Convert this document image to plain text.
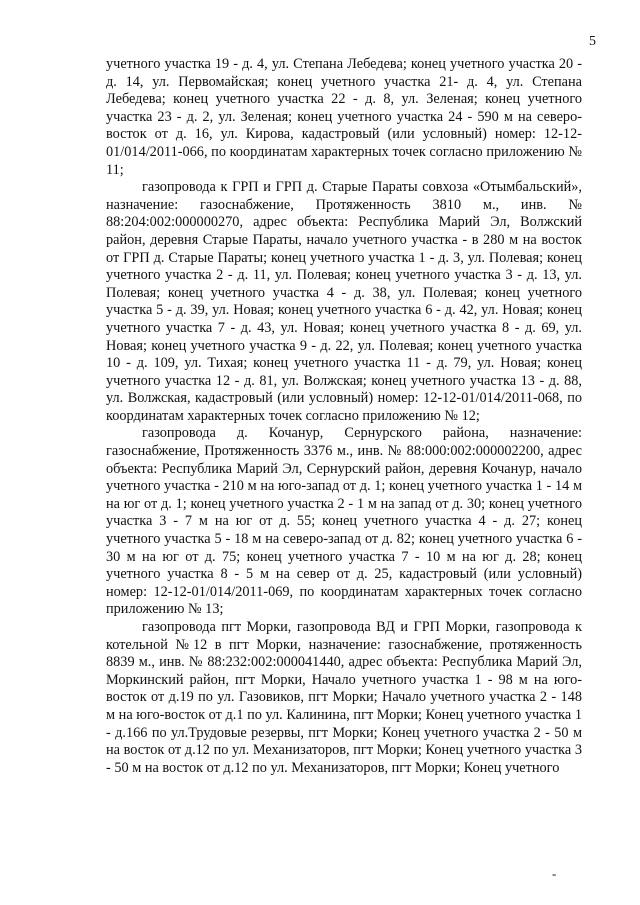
5

учетного участка 19 - д. 4, ул. Степана Лебедева; конец учетного участка 20 - д. 14, ул. Первомайская; конец учетного участка 21- д. 4, ул. Степана Лебедева; конец учетного участка 22 - д. 8, ул. Зеленая; конец учетного участка 23 - д. 2, ул. Зеленая; конец учетного участка 24 - 590 м на северо-восток от д. 16, ул. Кирова, кадастровый (или условный) номер: 12-12-01/014/2011-066, по координатам характерных точек согласно приложению № 11;

газопровода к ГРП и ГРП д. Старые Параты совхоза «Отымбальский», назначение: газоснабжение, Протяженность 3810 м., инв. № 88:204:002:000000270, адрес объекта: Республика Марий Эл, Волжский район, деревня Старые Параты, начало учетного участка - в 280 м на восток от ГРП д. Старые Параты; конец учетного участка 1 - д. 3, ул. Полевая; конец учетного участка 2 - д. 11, ул. Полевая; конец учетного участка 3 - д. 13, ул. Полевая; конец учетного участка 4 - д. 38, ул. Полевая; конец учетного участка 5 - д. 39, ул. Новая; конец учетного участка 6 - д. 42, ул. Новая; конец учетного участка 7 - д. 43, ул. Новая; конец учетного участка 8 - д. 69, ул. Новая; конец учетного участка 9 - д. 22, ул. Полевая; конец учетного участка 10 - д. 109, ул. Тихая; конец учетного участка 11 - д. 79, ул. Новая; конец учетного участка 12 - д. 81, ул. Волжская; конец учетного участка 13 - д. 88, ул. Волжская, кадастровый (или условный) номер: 12-12-01/014/2011-068, по координатам характерных точек согласно приложению № 12;

газопровода д. Кочанур, Сернурского района, назначение: газоснабжение, Протяженность 3376 м., инв. № 88:000:002:000002200, адрес объекта: Республика Марий Эл, Сернурский район, деревня Кочанур, начало учетного участка - 210 м на юго-запад от д. 1; конец учетного участка 1 - 14 м на юг от д. 1; конец учетного участка 2 - 1 м на запад от д. 30; конец учетного участка 3 - 7 м на юг от д. 55; конец учетного участка 4 - д. 27; конец учетного участка 5 - 18 м на северо-запад от д. 82; конец учетного участка 6 - 30 м на юг от д. 75; конец учетного участка 7 - 10 м на юг д. 28; конец учетного участка 8 - 5 м на север от д. 25, кадастровый (или условный) номер: 12-12-01/014/2011-069, по координатам характерных точек согласно приложению № 13;

газопровода пгт Морки, газопровода ВД и ГРП Морки, газопровода к котельной №12 в пгт Морки, назначение: газоснабжение, протяженность 8839 м., инв. № 88:232:002:000041440, адрес объекта: Республика Марий Эл, Моркинский район, пгт Морки, Начало учетного участка 1 - 98 м на юго-восток от д.19 по ул. Газовиков, пгт Морки; Начало учетного участка 2 - 148 м на юго-восток от д.1 по ул. Калинина, пгт Морки; Конец учетного участка 1 - д.166 по ул.Трудовые резервы, пгт Морки; Конец учетного участка 2 - 50 м на восток от д.12 по ул. Механизаторов, пгт Морки; Конец учетного участка 3 - 50 м на восток от д.12 по ул. Механизаторов, пгт Морки; Конец учетного

-
